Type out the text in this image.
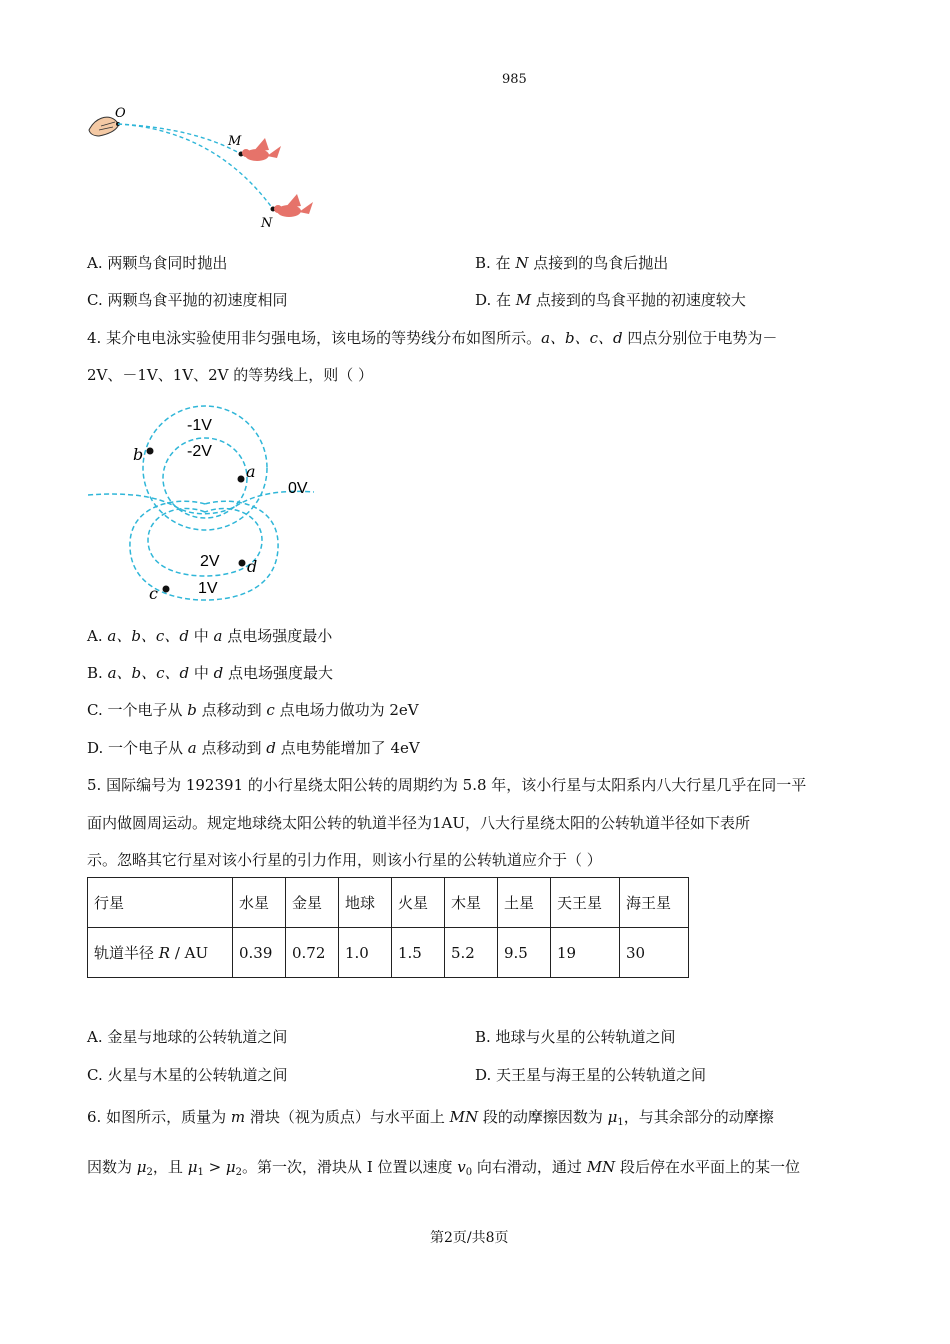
985
O
M
N
A. 两颗鸟食同时抛出	B. 在 N 点接到的鸟食后抛出
C. 两颗鸟食平抛的初速度相同	D. 在 M 点接到的鸟食平抛的初速度较大
4. 某介电电泳实验使用非匀强电场，该电场的等势线分布如图所示。a、b、c、d 四点分别位于电势为－
2V、－1V、1V、2V 的等势线上，则（ ）
-1V
-2V
0V
2V
1V
b
a
d
c
A. a、b、c、d 中 a 点电场强度最小
B. a、b、c、d 中 d 点电场强度最大
C. 一个电子从 b 点移动到 c 点电场力做功为 2eV
D. 一个电子从 a 点移动到 d 点电势能增加了 4eV
5. 国际编号为 192391 的小行星绕太阳公转的周期约为 5.8 年，该小行星与太阳系内八大行星几乎在同一平
面内做圆周运动。规定地球绕太阳公转的轨道半径为1AU，八大行星绕太阳的公转轨道半径如下表所
示。忽略其它行星对该小行星的引力作用，则该小行星的公转轨道应介于（ ）
行星	水星	金星	地球	火星	木星	土星	天王星	海王星
轨道半径 R / AU	0.39	0.72	1.0	1.5	5.2	9.5	19	30
A. 金星与地球的公转轨道之间	B. 地球与火星的公转轨道之间
C. 火星与木星的公转轨道之间	D. 天王星与海王星的公转轨道之间
6. 如图所示，质量为 m 滑块（视为质点）与水平面上 MN 段的动摩擦因数为 $\mu_1$，与其余部分的动摩擦
因数为 $\mu_2$，且 $\mu_1 > \mu_2$。第一次，滑块从 I 位置以速度 $v_0$ 向右滑动，通过 MN 段后停在水平面上的某一位
第2页/共8页
